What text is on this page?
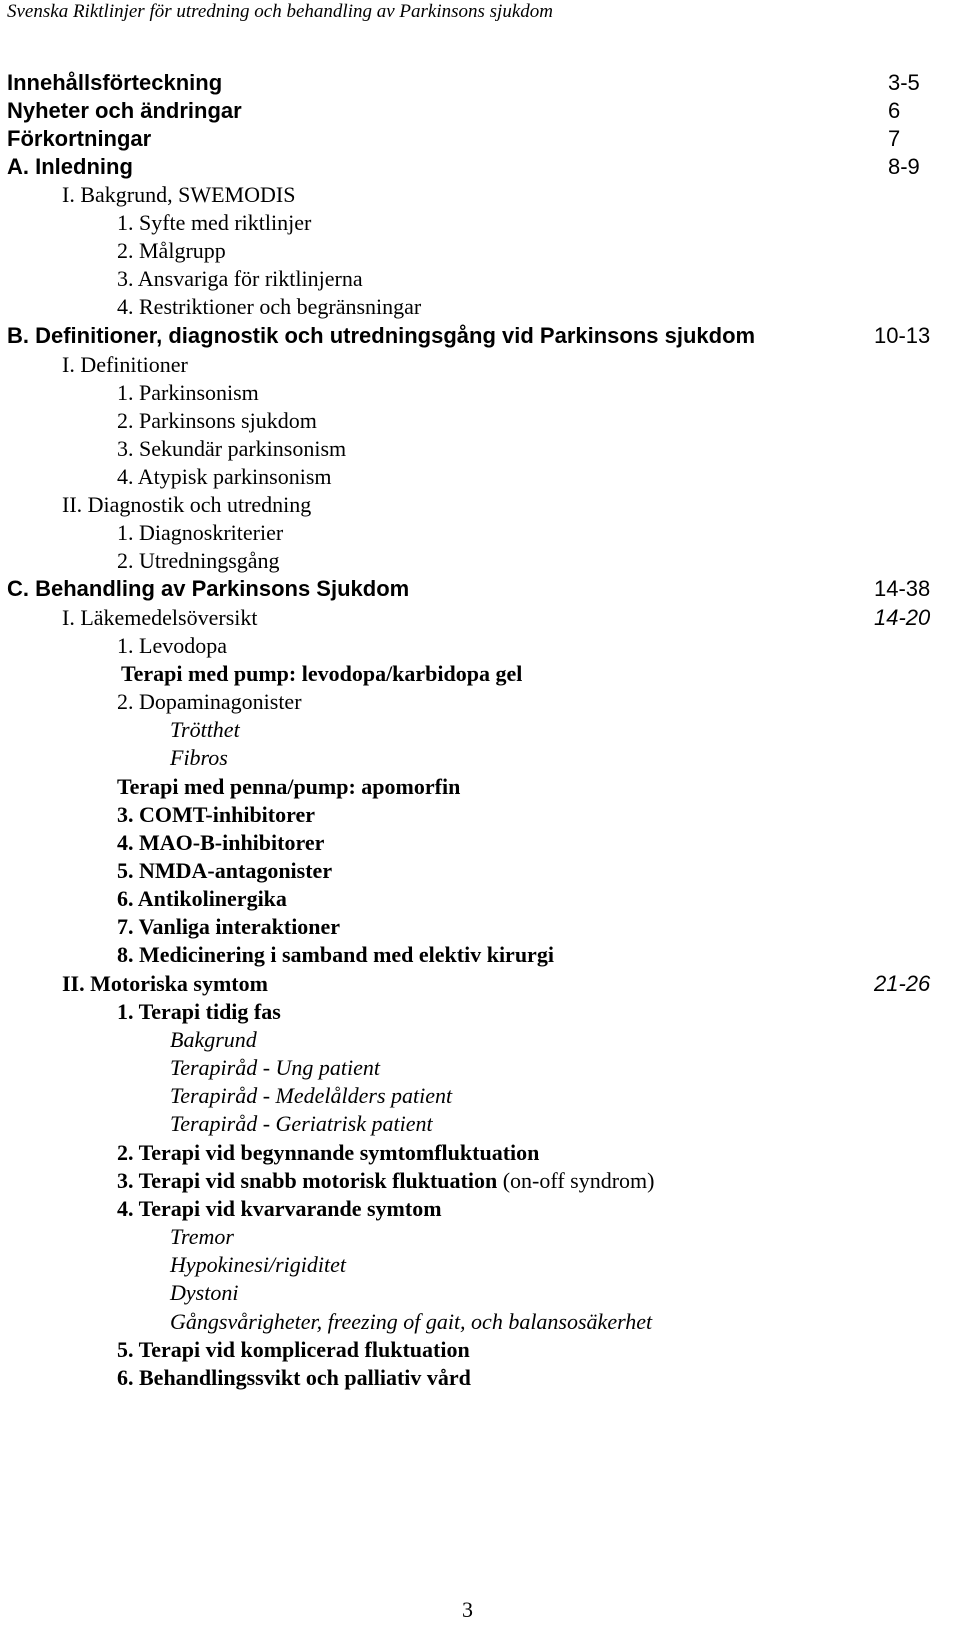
Svenska Riktlinjer för utredning och behandling av Parkinsons sjukdom
Innehållsförteckning	3-5
Nyheter och ändringar	6
Förkortningar	7
A. Inledning	8-9
I. Bakgrund, SWEMODIS
1. Syfte med riktlinjer
2. Målgrupp
3. Ansvariga för riktlinjerna
4. Restriktioner och begränsningar
B. Definitioner, diagnostik och utredningsgång vid Parkinsons sjukdom	10-13
I. Definitioner
1. Parkinsonism
2. Parkinsons sjukdom
3. Sekundär parkinsonism
4. Atypisk parkinsonism
II. Diagnostik och utredning
1. Diagnoskriterier
2. Utredningsgång
C. Behandling av Parkinsons Sjukdom	14-38
I. Läkemedelsöversikt	14-20
1. Levodopa
Terapi med pump: levodopa/karbidopa gel
2. Dopaminagonister
Trötthet
Fibros
Terapi med penna/pump: apomorfin
3. COMT-inhibitorer
4. MAO-B-inhibitorer
5. NMDA-antagonister
6. Antikolinergika
7. Vanliga interaktioner
8. Medicinering i samband med elektiv kirurgi
II. Motoriska symtom	21-26
1. Terapi tidig fas
Bakgrund
Terapiråd - Ung patient
Terapiråd - Medelålders patient
Terapiråd - Geriatrisk patient
2. Terapi vid begynnande symtomfluktuation
3. Terapi vid snabb motorisk fluktuation (on-off syndrom)
4. Terapi vid kvarvarande symtom
Tremor
Hypokinesi/rigiditet
Dystoni
Gångsvårigheter, freezing of gait, och balansosäkerhet
5. Terapi vid komplicerad fluktuation
6. Behandlingssvikt och palliativ vård
3
